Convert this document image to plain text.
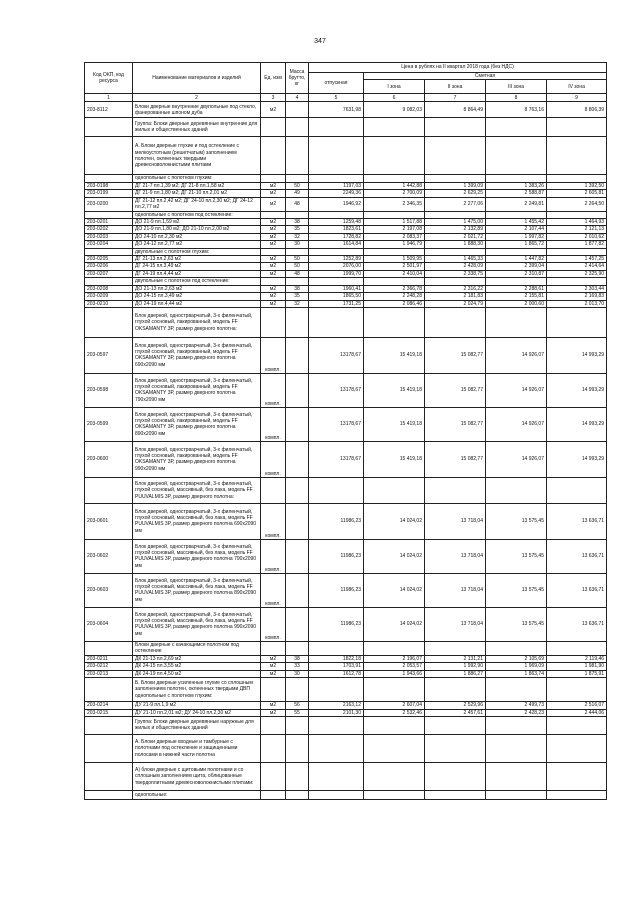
347
Код ОКП, код ресурса	Наименование материалов и изделий	Ед. изм	Масса брутто, кг	Цена в рублях на II квартал 2018 года (без НДС)				
				отпускная	Сметная			
					I зона	II зона	III зона	IV зона
1	2	3	4	5	6	7	8	9
203-8112	Блоки дверные внутренние двупольные под стекло, фанерованные шпоном дуба	м2		7631,98	9 082,03	8 864,49	8 763,16	8 806,39
	Группа: Блоки дверные деревянные внутренние для жилых и общественных зданий							
	А. Блоки дверные глухие и под остекление с мелкоустотным (решетчатым) заполнением полотен, оклеенных твердыми древесноволокнистыми плитами							
	однопольные с полотном глухим:							
203-0198	ДГ 21-7 пл.1,39 м2; ДГ 21-8 пл.1,58 м2	м2	50	1197,03	1 442,88	1 399,09	1 383,26	1 392,50
203-0199	ДГ 21-9 пл.1,80 м2; ДГ 21-10 пл.2,01 м2	м2	49	2249,36	2 700,09	2 629,25	2 588,87	2 605,81
203-0200	ДГ 21-12 пл.2,42 м2; ДГ 24-10 пл.2,30 м2; ДГ 24-12 пл.2,77 м2	м2	48	1946,92	2 346,35	2 277,06	2 249,81	2 264,50
	однопольные с полотном под остекление:							
203-0201	ДО 21-9 пл.1,59 м2	м2	38	1259,48	1 517,88	1 475,00	1 455,42	1 464,93
203-0202	ДО 21-9 пл.1,80 м2; ДО 21-10 пл.2,00 м2	м2	35	1823,61	2 197,08	2 132,89	2 107,44	2 121,13
203-0203	ДО 24-10 пл.2,30 м2	м2	32	1728,82	2 083,37	2 021,72	1 997,82	2 010,62
203-0204	ДО 24-12 пл.2,77 м2	м2	30	1614,84	1 946,79	1 888,30	1 865,72	1 877,82
	двупольные с полотном глухим:							
203-0205	ДГ 21-13 пл.2,63 м2	м2	50	1252,89	1 509,95	1 465,33	1 447,82	1 457,25
203-0206	ДГ 24-15 пл.3,49 м2	м2	50	2076,00	2 501,97	2 428,09	2 399,04	2 414,64
203-0207	ДГ 24-19 пл.4,44 м2	м2	48	1999,70	2 410,04	2 338,75	2 310,87	2 325,90
	двупольные с полотном под остекление:							
203-0208	ДО 21-13 пл.2,63 м2	м2	38	1960,41	2 366,78	2 316,22	2 288,61	2 303,44
203-0209	ДО 24-15 пл.3,49 м2	м2	35	1865,50	2 248,28	2 181,83	2 155,81	2 169,83
203-0210	ДО 24-19 пл.4,44 м2	м2	32	1731,25	2 086,46	2 024,79	2 000,60	2 013,70
	Блок дверной, однострварчатый, 3-х филенчатый, глухой сосновый, лакированный, модель FF OKSAMANTY 3P, размер дверного полотна:							
203-0597	Блок дверной, однострварчатый, 3-х филенчатый, глухой сосновый, лакированный, модель FF OKSAMANTY 3P, размер дверного полотна 690x2090 мм	компл.		13178,67	15 419,18	15 082,77	14 926,07	14 993,29
203-0598	Блок дверной, однострварчатый, 3-х филенчатый, глухой сосновый, лакированный, модель FF OKSAMANTY 3P, размер дверного полотна 790x2090 мм	компл.		13178,67	15 419,18	15 082,77	14 926,07	14 993,29
203-0599	Блок дверной, однострварчатый, 3-х филенчатый, глухой сосновый, лакированный, модель FF OKSAMANTY 3P, размер дверного полотна 890x2090 мм	компл.		13178,67	15 419,18	15 082,77	14 926,07	14 993,29
203-0600	Блок дверной, однострварчатый, 3-х филенчатый, глухой сосновый, лакированный, модель FF OKSAMANTY 3P, размер дверного полотна 990x2090 мм	компл.		13178,67	15 419,18	15 082,77	14 926,07	14 993,29
	Блок дверной, однострварчатый, 3-х филенчатый, глухой сосновый, массивный, без лака, модель FF PUUVALMIS 3P, размер дверного полотна:							
203-0601	Блок дверной, однострварчатый, 3-х филенчатый, глухой сосновый, массивный, без лака, модель FF PUUVALMIS 3P, размер дверного полотна 690x2090 мм	компл.		11986,23	14 024,02	13 718,04	13 575,45	13 636,71
203-0602	Блок дверной, однострварчатый, 3-х филенчатый, глухой сосновый, массивный, без лака, модель FF PUUVALMIS 3P, размер дверного полотна 790x2090 мм	компл.		11986,23	14 024,02	13 718,04	13 575,45	13 636,71
203-0603	Блок дверной, однострварчатый, 3-х филенчатый, глухой сосновый, массивный, без лака, модель FF PUUVALMIS 3P, размер дверного полотна 890x2090 мм	компл.		11986,23	14 024,02	13 718,04	13 575,45	13 636,71
203-0604	Блок дверной, однострварчатый, 3-х филенчатый, глухой сосновый, массивный, без лака, модель FF PUUVALMIS 3P, размер дверного полотна 990x2090 мм	компл.		11986,23	14 024,02	13 718,04	13 575,45	13 636,71
	Блоки дверные с качающимся полотном под остекление							
203-0211	ДК 21-13 пл.2,69 м2	м2	38	1822,18	2 196,07	2 131,21	2 105,69	2 119,46
203-0212	ДК 24-15 пл.3,55 м2	м2	33	1703,91	2 053,57	1 992,90	1 969,09	1 981,90
203-0213	ДК 24-19 пл.4,50 м2	м2	30	1612,78	1 943,66	1 886,27	1 863,74	1 875,91
	Б. Блоки дверные усиленные глухие со сплошным заполнением полотен, оклеенных твердыми ДВП однопольные с полотном глухим:							
203-0214	ДУ 21-9 пл.1,9 м2	м2	56	2163,12	2 607,04	2 529,96	2 499,73	2 516,07
203-0215	ДУ 21-10 пл.2,01 м2; ДУ 24-10 пл.2,30 м2	м2	55	2101,30	2 532,46	2 457,61	2 428,23	2 444,06
	Группа: Блоки дверные деревянные наружные для жилых и общественных зданий							
	А. Блоки дверные входные и тамбурные с полотнами под остекление и защищенными полосами в нижней части полотна							
	А) блоки дверные с щитовыми полотнами и со сплошным заполнением щита, облицованные твердоплитными древесноволокнистыми плитами:							
	однопольные:							
